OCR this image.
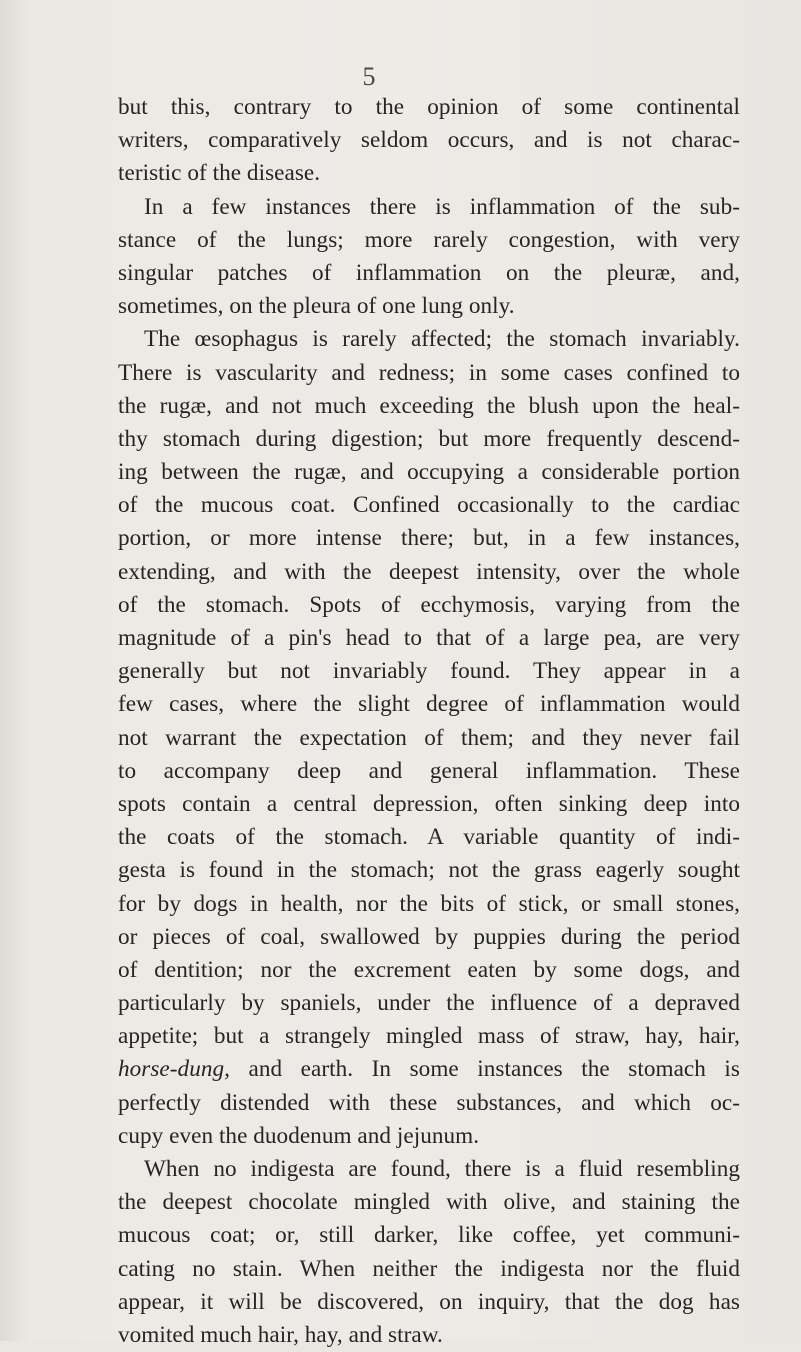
5
but this, contrary to the opinion of some continental
writers, comparatively seldom occurs, and is not charac-
teristic of the disease.
In a few instances there is inflammation of the sub-
stance of the lungs; more rarely congestion, with very
singular patches of inflammation on the pleuræ, and,
sometimes, on the pleura of one lung only.
The œsophagus is rarely affected; the stomach invariably.
There is vascularity and redness; in some cases confined to
the rugæ, and not much exceeding the blush upon the heal-
thy stomach during digestion; but more frequently descend-
ing between the rugæ, and occupying a considerable portion
of the mucous coat. Confined occasionally to the cardiac
portion, or more intense there; but, in a few instances,
extending, and with the deepest intensity, over the whole
of the stomach. Spots of ecchymosis, varying from the
magnitude of a pin's head to that of a large pea, are very
generally but not invariably found. They appear in a
few cases, where the slight degree of inflammation would
not warrant the expectation of them; and they never fail
to accompany deep and general inflammation. These
spots contain a central depression, often sinking deep into
the coats of the stomach. A variable quantity of indi-
gesta is found in the stomach; not the grass eagerly sought
for by dogs in health, nor the bits of stick, or small stones,
or pieces of coal, swallowed by puppies during the period
of dentition; nor the excrement eaten by some dogs, and
particularly by spaniels, under the influence of a depraved
appetite; but a strangely mingled mass of straw, hay, hair,
horse-dung, and earth. In some instances the stomach is
perfectly distended with these substances, and which oc-
cupy even the duodenum and jejunum.
When no indigesta are found, there is a fluid resembling
the deepest chocolate mingled with olive, and staining the
mucous coat; or, still darker, like coffee, yet communi-
cating no stain. When neither the indigesta nor the fluid
appear, it will be discovered, on inquiry, that the dog has
vomited much hair, hay, and straw.
